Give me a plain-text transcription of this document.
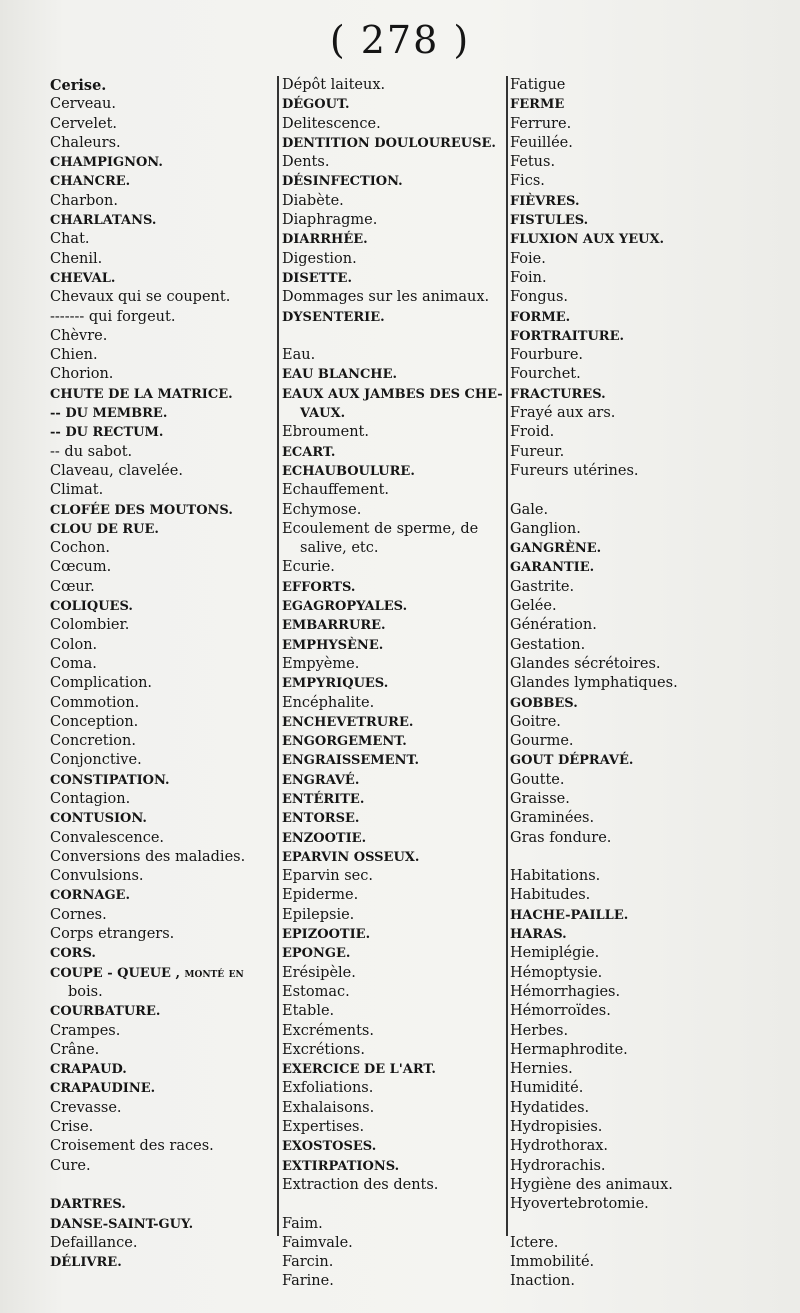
( 278 )
Cerise.
Cerveau.
Cervelet.
Chaleurs.
CHAMPIGNON.
CHANCRE.
Charbon.
CHARLATANS.
Chat.
Chenil.
CHEVAL.
Chevaux qui se coupent.
------- qui forgeut.
Chèvre.
Chien.
Chorion.
CHUTE DE LA MATRICE.
-- DU MEMBRE.
-- DU RECTUM.
-- du sabot.
Claveau, clavelée.
Climat.
CLOFÉE DES MOUTONS.
CLOU DE RUE.
Cochon.
Cœcum.
Cœur.
COLIQUES.
Colombier.
Colon.
Coma.
Complication.
Commotion.
Conception.
Concretion.
Conjonctive.
CONSTIPATION.
Contagion.
CONTUSION.
Convalescence.
Conversions des maladies.
Convulsions.
CORNAGE.
Cornes.
Corps etrangers.
CORS.
COUPE - QUEUE , monté en
bois.
COURBATURE.
Crampes.
Crâne.
CRAPAUD.
CRAPAUDINE.
Crevasse.
Crise.
Croisement des races.
Cure.
DARTRES.
DANSE-SAINT-GUY.
Defaillance.
DÉLIVRE.
Dépôt laiteux.
DÉGOUT.
Delitescence.
DENTITION DOULOUREUSE.
Dents.
DÉSINFECTION.
Diabète.
Diaphragme.
DIARRHÉE.
Digestion.
DISETTE.
Dommages sur les animaux.
DYSENTERIE.
Eau.
EAU BLANCHE.
EAUX AUX JAMBES DES CHE-
VAUX.
Ebroument.
ECART.
ECHAUBOULURE.
Echauffement.
Echymose.
Ecoulement de sperme, de
salive, etc.
Ecurie.
EFFORTS.
EGAGROPYALES.
EMBARRURE.
EMPHYSÈNE.
Empyème.
EMPYRIQUES.
Encéphalite.
ENCHEVETRURE.
ENGORGEMENT.
ENGRAISSEMENT.
ENGRAVÉ.
ENTÉRITE.
ENTORSE.
ENZOOTIE.
EPARVIN OSSEUX.
Eparvin sec.
Epiderme.
Epilepsie.
EPIZOOTIE.
EPONGE.
Erésipèle.
Estomac.
Etable.
Excréments.
Excrétions.
EXERCICE DE L'ART.
Exfoliations.
Exhalaisons.
Expertises.
EXOSTOSES.
EXTIRPATIONS.
Extraction des dents.
Faim.
Faimvale.
Farcin.
Farine.
Fatigue
FERME
Ferrure.
Feuillée.
Fetus.
Fics.
FIÈVRES.
FISTULES.
FLUXION AUX YEUX.
Foie.
Foin.
Fongus.
FORME.
FORTRAITURE.
Fourbure.
Fourchet.
FRACTURES.
Frayé aux ars.
Froid.
Fureur.
Fureurs utérines.
Gale.
Ganglion.
GANGRÈNE.
GARANTIE.
Gastrite.
Gelée.
Génération.
Gestation.
Glandes sécrétoires.
Glandes lymphatiques.
GOBBES.
Goitre.
Gourme.
GOUT DÉPRAVÉ.
Goutte.
Graisse.
Graminées.
Gras fondure.
Habitations.
Habitudes.
HACHE-PAILLE.
HARAS.
Hemiplégie.
Hémoptysie.
Hémorrhagies.
Hémorroïdes.
Herbes.
Hermaphrodite.
Hernies.
Humidité.
Hydatides.
Hydropisies.
Hydrothorax.
Hydrorachis.
Hygiène des animaux.
Hyovertebrotomie.
Ictere.
Immobilité.
Inaction.
